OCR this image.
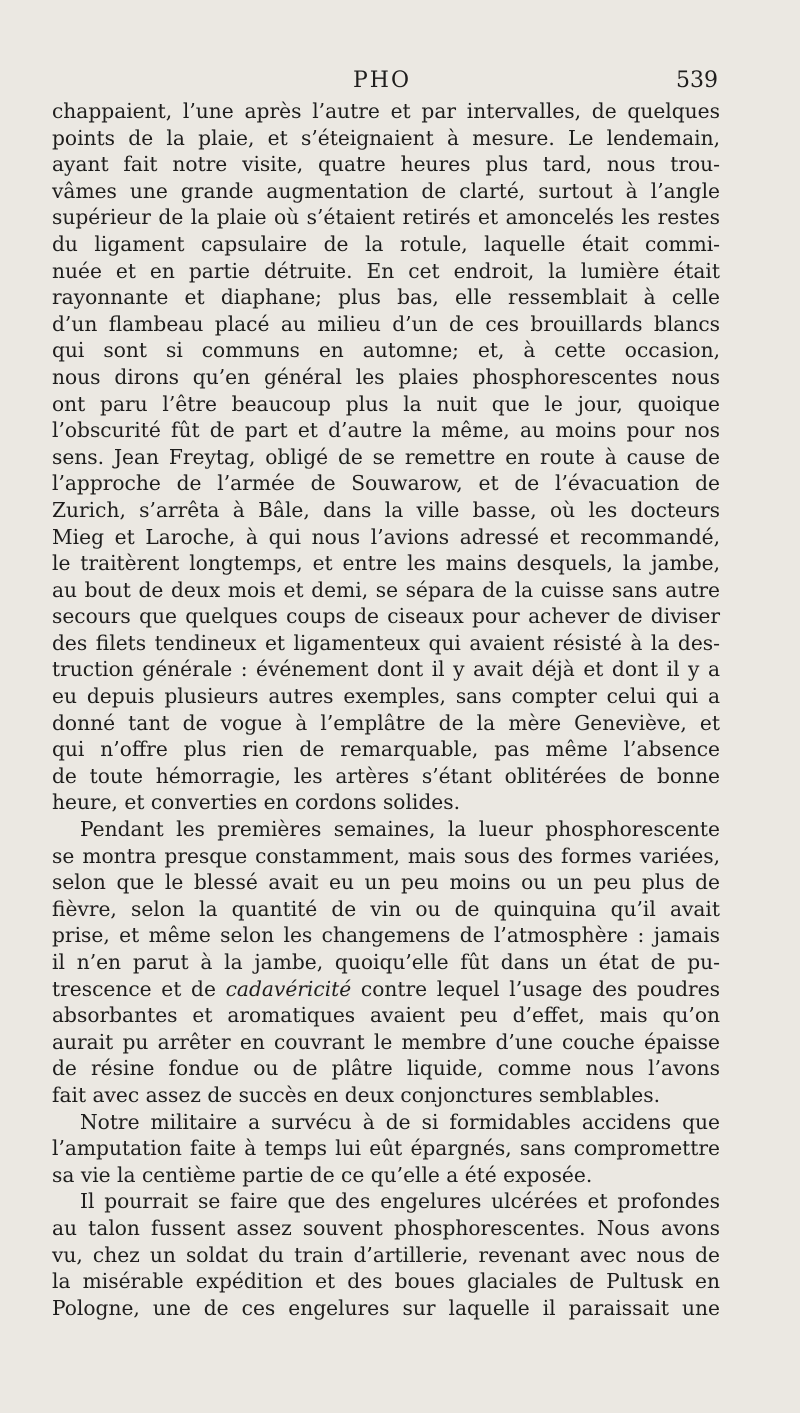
PHO	539
chappaient, l’une après l’autre et par intervalles, de quelques
points de la plaie, et s’éteignaient à mesure. Le lendemain,
ayant fait notre visite, quatre heures plus tard, nous trou-
vâmes une grande augmentation de clarté, surtout à l’angle
supérieur de la plaie où s’étaient retirés et amoncelés les restes
du ligament capsulaire de la rotule, laquelle était commi-
nuée et en partie détruite. En cet endroit, la lumière était
rayonnante et diaphane; plus bas, elle ressemblait à celle
d’un flambeau placé au milieu d’un de ces brouillards blancs
qui sont si communs en automne; et, à cette occasion,
nous dirons qu’en général les plaies phosphorescentes nous
ont paru l’être beaucoup plus la nuit que le jour, quoique
l’obscurité fût de part et d’autre la même, au moins pour nos
sens. Jean Freytag, obligé de se remettre en route à cause de
l’approche de l’armée de Souwarow, et de l’évacuation de
Zurich, s’arrêta à Bâle, dans la ville basse, où les docteurs
Mieg et Laroche, à qui nous l’avions adressé et recommandé,
le traitèrent longtemps, et entre les mains desquels, la jambe,
au bout de deux mois et demi, se sépara de la cuisse sans autre
secours que quelques coups de ciseaux pour achever de diviser
des filets tendineux et ligamenteux qui avaient résisté à la des-
truction générale : événement dont il y avait déjà et dont il y a
eu depuis plusieurs autres exemples, sans compter celui qui a
donné tant de vogue à l’emplâtre de la mère Geneviève, et
qui n’offre plus rien de remarquable, pas même l’absence
de toute hémorragie, les artères s’étant oblitérées de bonne
heure, et converties en cordons solides.
Pendant les premières semaines, la lueur phosphorescente
se montra presque constamment, mais sous des formes variées,
selon que le blessé avait eu un peu moins ou un peu plus de
fièvre, selon la quantité de vin ou de quinquina qu’il avait
prise, et même selon les changemens de l’atmosphère : jamais
il n’en parut à la jambe, quoiqu’elle fût dans un état de pu-
trescence et de cadavéricité contre lequel l’usage des poudres
absorbantes et aromatiques avaient peu d’effet, mais qu’on
aurait pu arrêter en couvrant le membre d’une couche épaisse
de résine fondue ou de plâtre liquide, comme nous l’avons
fait avec assez de succès en deux conjonctures semblables.
Notre militaire a survécu à de si formidables accidens que
l’amputation faite à temps lui eût épargnés, sans compromettre
sa vie la centième partie de ce qu’elle a été exposée.
Il pourrait se faire que des engelures ulcérées et profondes
au talon fussent assez souvent phosphorescentes. Nous avons
vu, chez un soldat du train d’artillerie, revenant avec nous de
la misérable expédition et des boues glaciales de Pultusk en
Pologne, une de ces engelures sur laquelle il paraissait une
